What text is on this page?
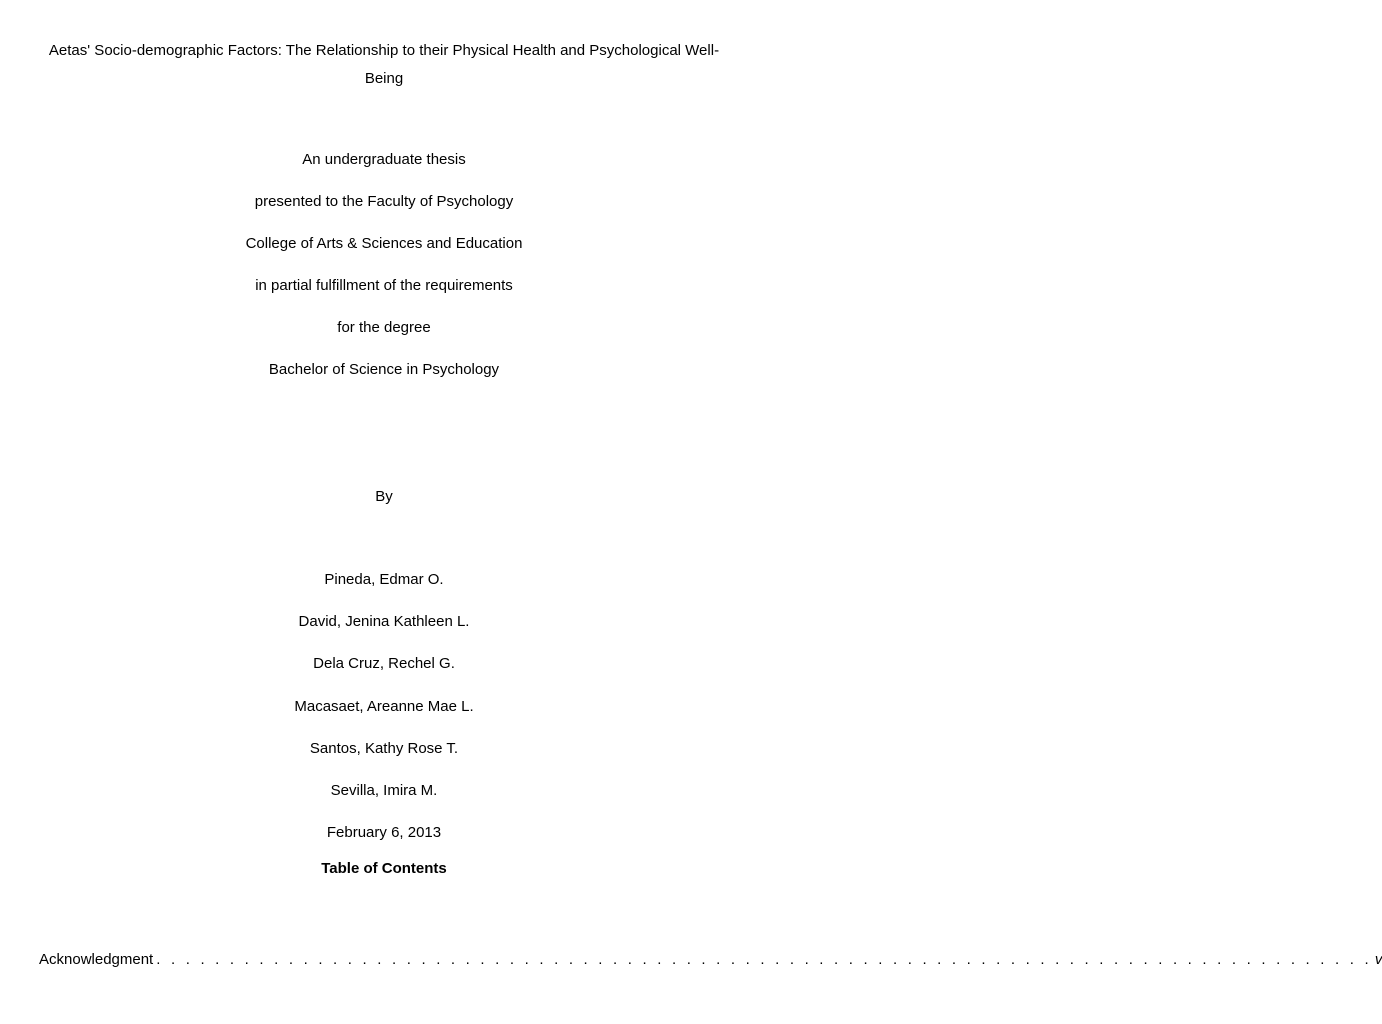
Aetas' Socio-demographic Factors: The Relationship to their Physical Health and Psychological Well-Being
An undergraduate thesis
presented to the Faculty of Psychology
College of Arts & Sciences and Education
in partial fulfillment of the requirements
for the degree
Bachelor of Science in Psychology
By
Pineda, Edmar O.
David, Jenina Kathleen L.
Dela Cruz, Rechel G.
Macasaet, Areanne Mae L.
Santos, Kathy Rose T.
Sevilla, Imira M.
February 6, 2013
Table of Contents
Acknowledgment . . . . . . . . . . . . . . . . . . . . . . . . . . . . . . . . . . . . . . . . . . . . . . . . . . . . . . . . . . . . . . . . . . . . . . . . . . . . . . . . . . . v
